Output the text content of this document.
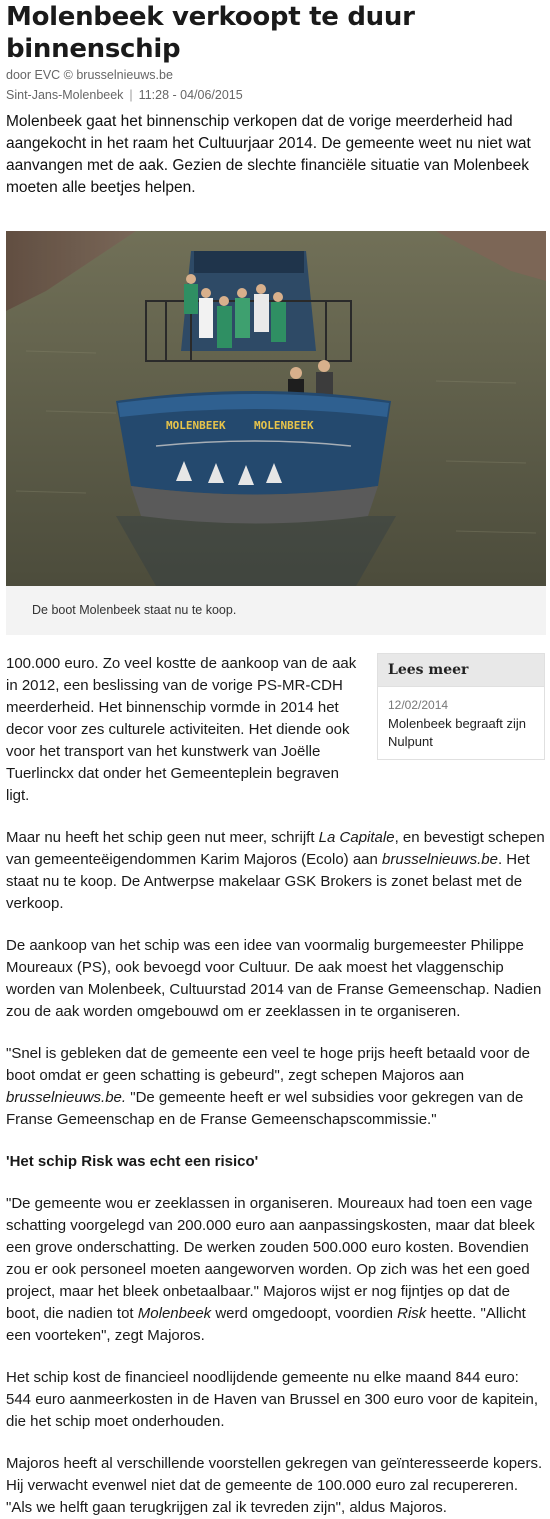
Molenbeek verkoopt te duur binnenschip
door EVC © brusselnieuws.be
Sint-Jans-Molenbeek | 11:28 - 04/06/2015

Molenbeek gaat het binnenschip verkopen dat de vorige meerderheid had aangekocht in het raam het Cultuurjaar 2014. De gemeente weet nu niet wat aanvangen met de aak. Gezien de slechte financiële situatie van Molenbeek moeten alle beetjes helpen.

MOLENBEEK	MOLENBEEK
De boot Molenbeek staat nu te koop.
Lees meer
12/02/2014
Molenbeek begraaft zijn Nulpunt

100.000 euro. Zo veel kostte de aankoop van de aak in 2012, een beslissing van de vorige PS-MR-CDH meerderheid. Het binnenschip vormde in 2014 het decor voor zes culturele activiteiten. Het diende ook voor het transport van het kunstwerk van Joëlle Tuerlinckx dat onder het Gemeenteplein begraven ligt.

Maar nu heeft het schip geen nut meer, schrijft La Capitale, en bevestigt schepen van gemeenteëigendommen Karim Majoros (Ecolo) aan brusselnieuws.be. Het staat nu te koop. De Antwerpse makelaar GSK Brokers is zonet belast met de verkoop.

De aankoop van het schip was een idee van voormalig burgemeester Philippe Moureaux (PS), ook bevoegd voor Cultuur. De aak moest het vlaggenschip worden van Molenbeek, Cultuurstad 2014 van de Franse Gemeenschap. Nadien zou de aak worden omgebouwd om er zeeklassen in te organiseren.

"Snel is gebleken dat de gemeente een veel te hoge prijs heeft betaald voor de boot omdat er geen schatting is gebeurd", zegt schepen Majoros aan brusselnieuws.be. "De gemeente heeft er wel subsidies voor gekregen van de Franse Gemeenschap en de Franse Gemeenschapscommissie."

'Het schip Risk was echt een risico'

"De gemeente wou er zeeklassen in organiseren. Moureaux had toen een vage schatting voorgelegd van 200.000 euro aan aanpassingskosten, maar dat bleek een grove onderschatting. De werken zouden 500.000 euro kosten. Bovendien zou er ook personeel moeten aangeworven worden. Op zich was het een goed project, maar het bleek onbetaalbaar." Majoros wijst er nog fijntjes op dat de boot, die nadien tot Molenbeek werd omgedoopt, voordien Risk heette. "Allicht een voorteken", zegt Majoros.

Het schip kost de financieel noodlijdende gemeente nu elke maand 844 euro: 544 euro aanmeerkosten in de Haven van Brussel en 300 euro voor de kapitein, die het schip moet onderhouden.

Majoros heeft al verschillende voorstellen gekregen van geïnteresseerde kopers. Hij verwacht evenwel niet dat de gemeente de 100.000 euro zal recupereren. "Als we helft gaan terugkrijgen zal ik tevreden zijn", aldus Majoros.
